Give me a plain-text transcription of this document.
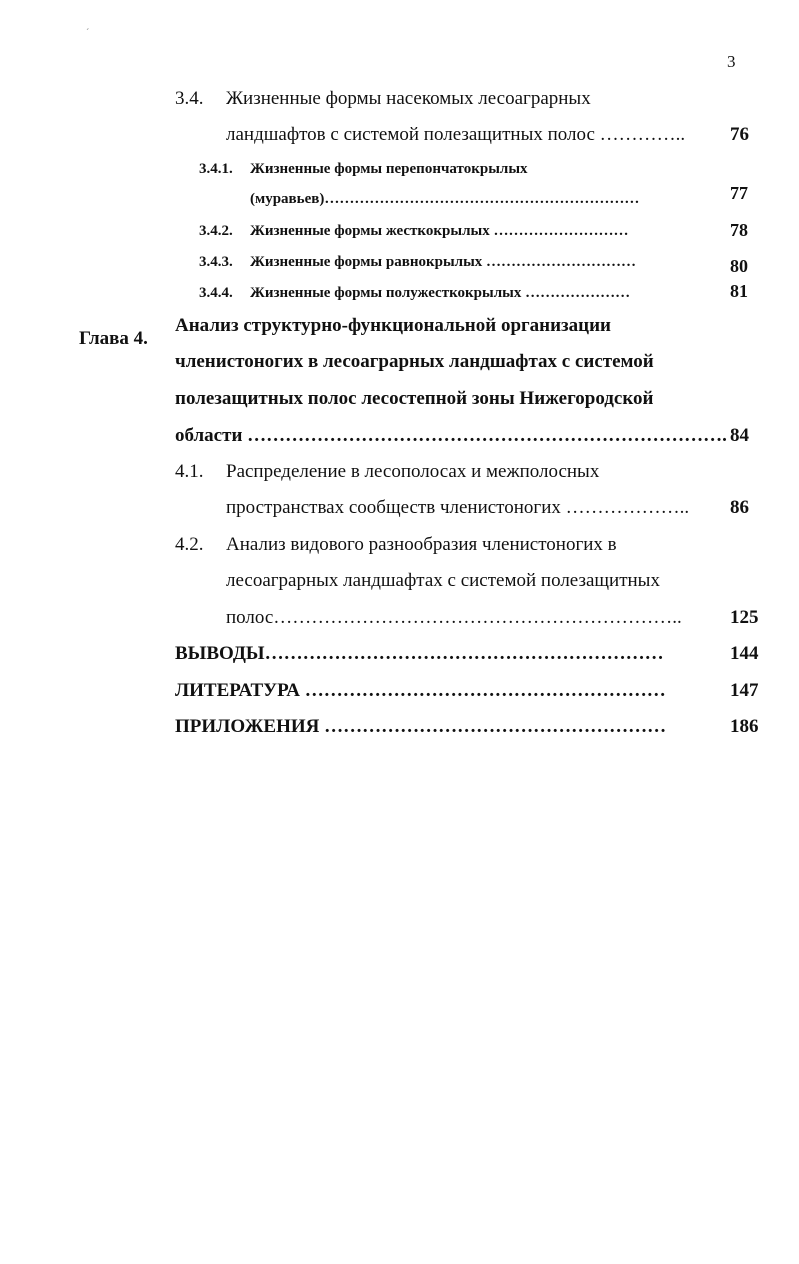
´
3
3.4. Жизненные формы насекомых лесоаграрных
ландшафтов с системой полезащитных полос ………….. 76
3.4.1. Жизненные формы перепончатокрылых
(муравьев)………………………………………………………	77
3.4.2. Жизненные формы жесткокрылых ………………………	78
3.4.3. Жизненные формы равнокрылых …………………………	80
3.4.4. Жизненные формы полужесткокрылых …………………	81
Глава 4.
Анализ структурно-функциональной организации
членистоногих в лесоаграрных ландшафтах с системой
полезащитных полос лесостепной зоны Нижегородской
области …………………………………………………………………. 84
4.1. Распределение в лесополосах и межполосных
пространствах сообществ членистоногих ……………….. 86
4.2. Анализ видового разнообразия членистоногих в
лесоаграрных ландшафтах с системой полезащитных
полос………………………………………………………..	125
ВЫВОДЫ………………………………………………………	144
ЛИТЕРАТУРА …………………………………………………	147
ПРИЛОЖЕНИЯ ………………………………………………	186
